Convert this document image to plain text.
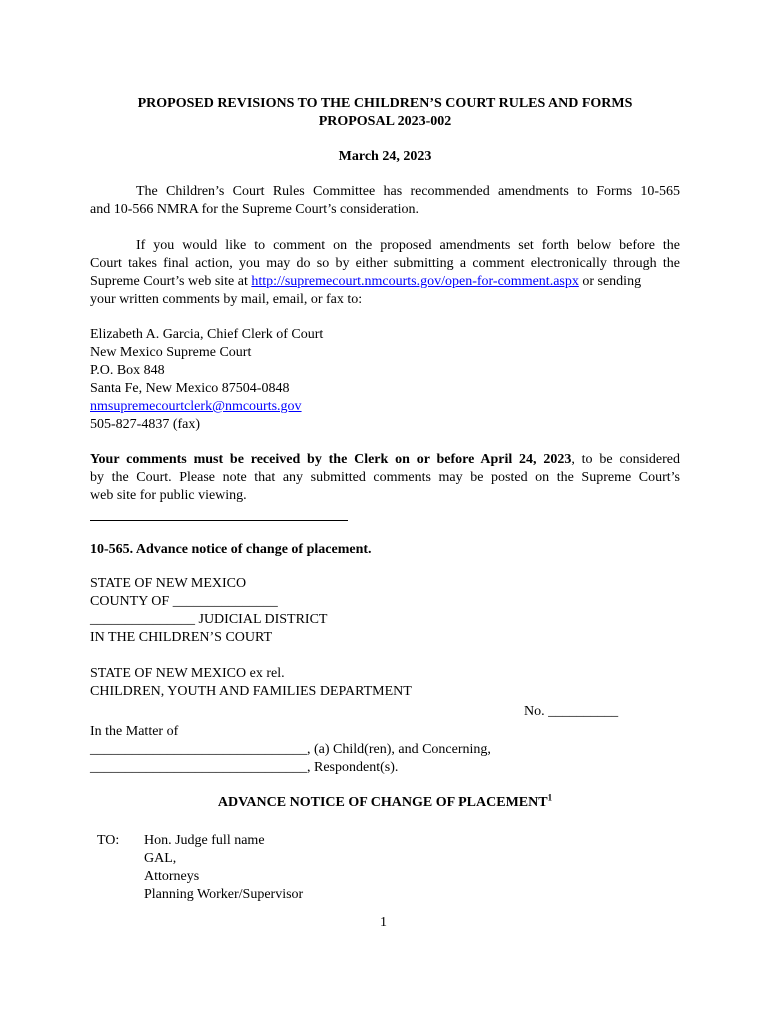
PROPOSED REVISIONS TO THE CHILDREN’S COURT RULES AND FORMS
PROPOSAL 2023-002
March 24, 2023
The Children’s Court Rules Committee has recommended amendments to Forms 10-565
and 10-566 NMRA for the Supreme Court’s consideration.
If you would like to comment on the proposed amendments set forth below before the
Court takes final action, you may do so by either submitting a comment electronically through the
Supreme Court’s web site at http://supremecourt.nmcourts.gov/open-for-comment.aspx or sending
your written comments by mail, email, or fax to:
Elizabeth A. Garcia, Chief Clerk of Court
New Mexico Supreme Court
P.O. Box 848
Santa Fe, New Mexico 87504-0848
nmsupremecourtclerk@nmcourts.gov
505-827-4837 (fax)
Your comments must be received by the Clerk on or before April 24, 2023, to be considered
by the Court. Please note that any submitted comments may be posted on the Supreme Court’s
web site for public viewing.
10-565. Advance notice of change of placement.
STATE OF NEW MEXICO
COUNTY OF _______________
_______________ JUDICIAL DISTRICT
IN THE CHILDREN’S COURT
STATE OF NEW MEXICO ex rel.
CHILDREN, YOUTH AND FAMILIES DEPARTMENT
No. __________
In the Matter of
_______________________________, (a) Child(ren), and Concerning,
_______________________________, Respondent(s).
ADVANCE NOTICE OF CHANGE OF PLACEMENT$^1$
TO: Hon. Judge full name
GAL,
Attorneys
Planning Worker/Supervisor
1
